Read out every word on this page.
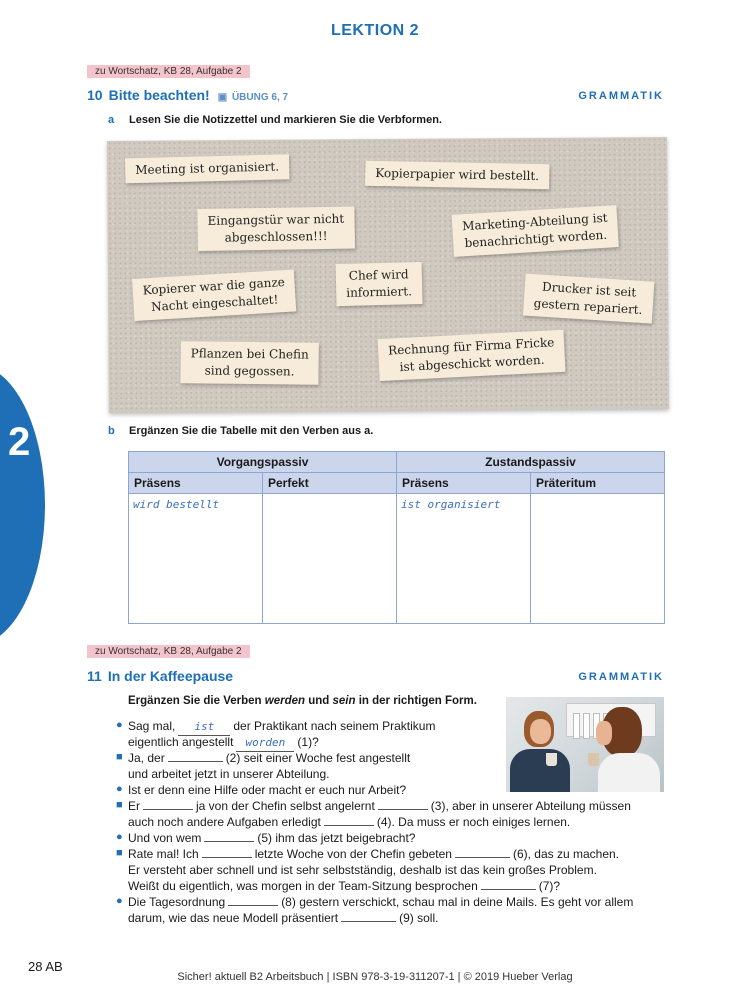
LEKTION 2
2
zu Wortschatz, KB 28, Aufgabe 2
10 Bitte beachten! ▣ ÜBUNG 6, 7	GRAMMATIK
a Lesen Sie die Notizzettel und markieren Sie die Verbformen.
Meeting ist organisiert.	Kopierpapier wird bestellt.
Eingangstür war nicht
abgeschlossen!!!
Marketing-Abteilung ist
benachrichtigt worden.
Kopierer war die ganze
Nacht eingeschaltet!
Chef wird
informiert.	Drucker ist seit
gestern repariert.
Pflanzen bei Chefin
sind gegossen.
Rechnung für Firma Fricke
ist abgeschickt worden.
b Ergänzen Sie die Tabelle mit den Verben aus a.
Vorgangspassiv		Zustandspassiv	
Präsens	Perfekt	Präsens	Präteritum
wird bestellt		ist organisiert	
zu Wortschatz, KB 28, Aufgabe 2
11 In der Kaffeepause	GRAMMATIK
Ergänzen Sie die Verben werden und sein in der richtigen Form.
● Sag mal, ist der Praktikant nach seinem Praktikum
eigentlich angestellt worden (1)?
■ Ja, der	(2) seit einer Woche fest angestellt
und arbeitet jetzt in unserer Abteilung.
● Ist er denn eine Hilfe oder macht er euch nur Arbeit?
■ Er	ja von der Chefin selbst angelernt	(3), aber in unserer Abteilung müssen
auch noch andere Aufgaben erledigt	(4). Da muss er noch einiges lernen.
● Und von wem	(5) ihm das jetzt beigebracht?
■ Rate mal! Ich	letzte Woche von der Chefin gebeten	(6), das zu machen.
Er versteht aber schnell und ist sehr selbstständig, deshalb ist das kein großes Problem.
Weißt du eigentlich, was morgen in der Team-Sitzung besprochen	(7)?
● Die Tagesordnung	(8) gestern verschickt, schau mal in deine Mails. Es geht vor allem
darum, wie das neue Modell präsentiert	(9) soll.
28 AB
Sicher! aktuell B2 Arbeitsbuch | ISBN 978-3-19-311207-1 | © 2019 Hueber Verlag
